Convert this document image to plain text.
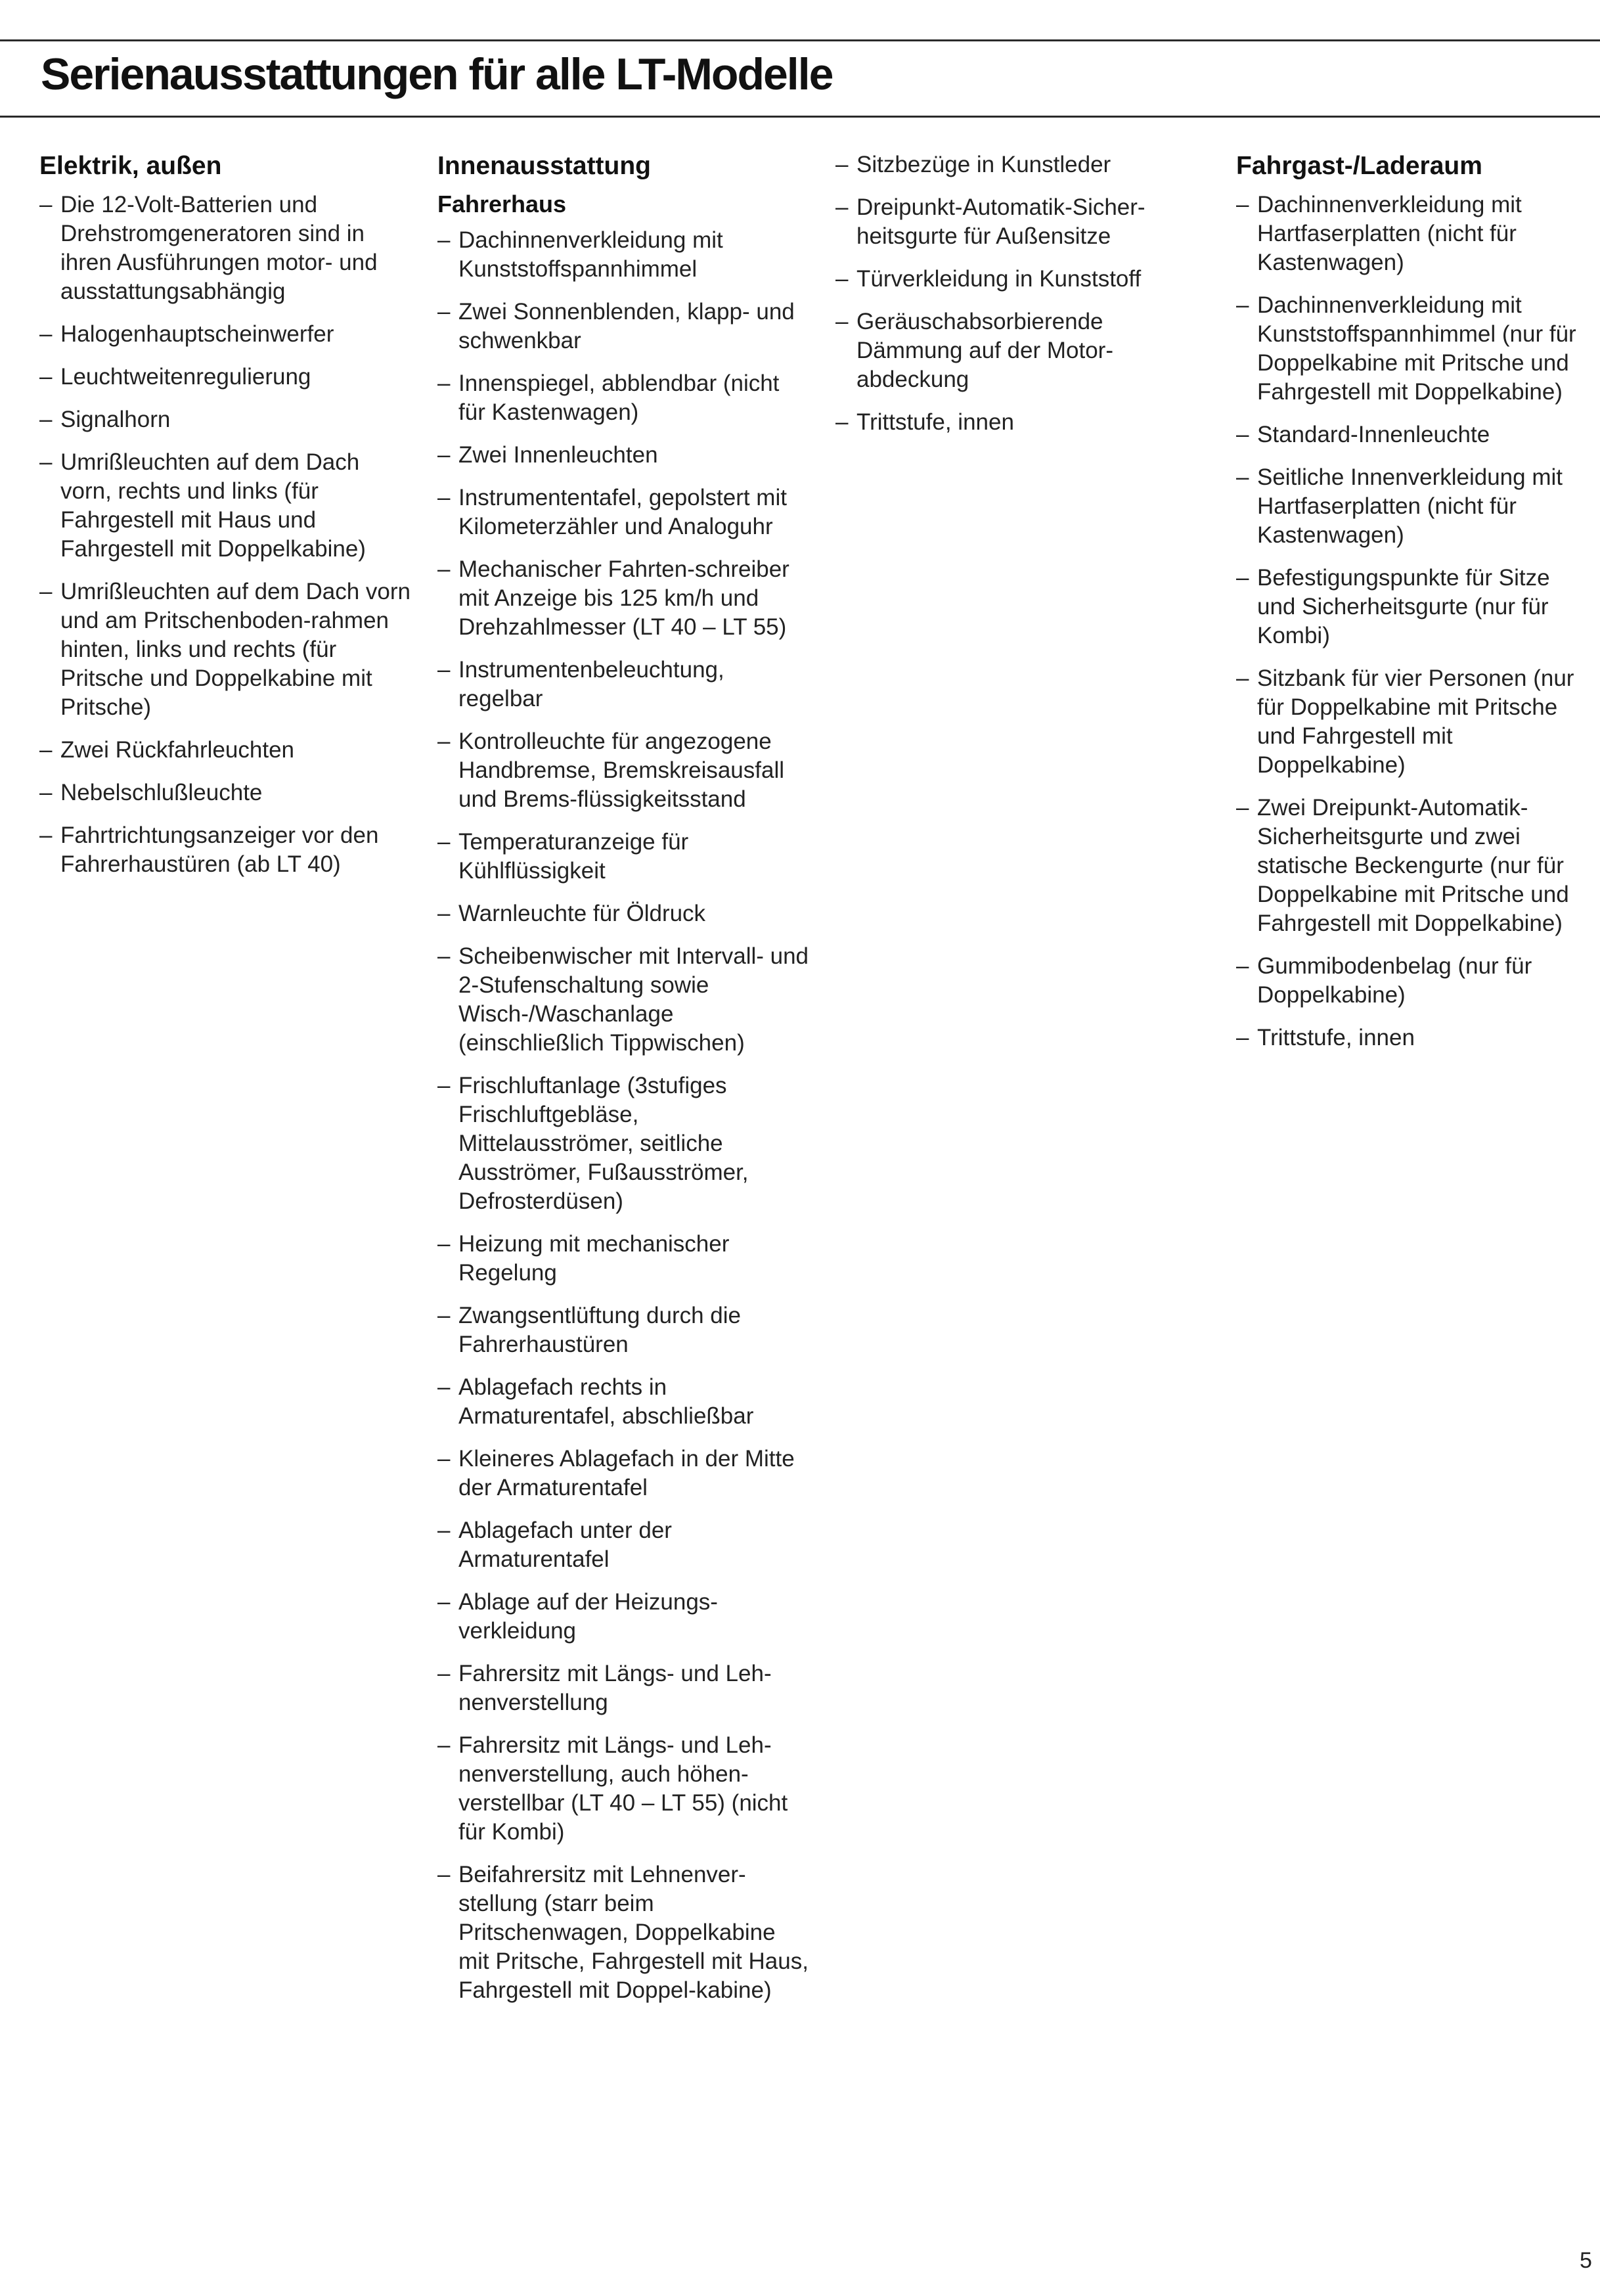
Serienausstattungen für alle LT-Modelle
Elektrik, außen
– Die 12-Volt-Batterien und Drehstromgeneratoren sind in ihren Ausführungen motor- und ausstattungsabhängig
– Halogenhauptscheinwerfer
– Leuchtweitenregulierung
– Signalhorn
– Umrißleuchten auf dem Dach vorn, rechts und links (für Fahrgestell mit Haus und Fahrgestell mit Doppelkabine)
– Umrißleuchten auf dem Dach vorn und am Pritschenboden-rahmen hinten, links und rechts (für Pritsche und Doppelkabine mit Pritsche)
– Zwei Rückfahrleuchten
– Nebelschlußleuchte
– Fahrtrichtungsanzeiger vor den Fahrerhaustüren (ab LT 40)
Innenausstattung
Fahrerhaus
– Dachinnenverkleidung mit Kunststoffspannhimmel
– Zwei Sonnenblenden, klapp- und schwenkbar
– Innenspiegel, abblendbar (nicht für Kastenwagen)
– Zwei Innenleuchten
– Instrumententafel, gepolstert mit Kilometerzähler und Analoguhr
– Mechanischer Fahrten-schreiber mit Anzeige bis 125 km/h und Drehzahlmesser (LT 40 – LT 55)
– Instrumentenbeleuchtung, regelbar
– Kontrolleuchte für angezogene Handbremse, Bremskreisausfall und Brems-flüssigkeitsstand
– Temperaturanzeige für Kühlflüssigkeit
– Warnleuchte für Öldruck
– Scheibenwischer mit Intervall- und 2-Stufenschaltung sowie Wisch-/Waschanlage (einschließlich Tippwischen)
– Frischluftanlage (3stufiges Frischluftgebläse, Mittelausströmer, seitliche Ausströmer, Fußausströmer, Defrosterdüsen)
– Heizung mit mechanischer Regelung
– Zwangsentlüftung durch die Fahrerhaustüren
– Ablagefach rechts in Armaturentafel, abschließbar
– Kleineres Ablagefach in der Mitte der Armaturentafel
– Ablagefach unter der Armaturentafel
– Ablage auf der Heizungs-verkleidung
– Fahrersitz mit Längs- und Leh-nenverstellung
– Fahrersitz mit Längs- und Leh-nenverstellung, auch höhen-verstellbar (LT 40 – LT 55) (nicht für Kombi)
– Beifahrersitz mit Lehnenver-stellung (starr beim Pritschenwagen, Doppelkabine mit Pritsche, Fahrgestell mit Haus, Fahrgestell mit Doppel-kabine)
– Sitzbezüge in Kunstleder
– Dreipunkt-Automatik-Sicher-heitsgurte für Außensitze
– Türverkleidung in Kunststoff
– Geräuschabsorbierende Dämmung auf der Motor-abdeckung
– Trittstufe, innen
Fahrgast-/Laderaum
– Dachinnenverkleidung mit Hartfaserplatten (nicht für Kastenwagen)
– Dachinnenverkleidung mit Kunststoffspannhimmel (nur für Doppelkabine mit Pritsche und Fahrgestell mit Doppelkabine)
– Standard-Innenleuchte
– Seitliche Innenverkleidung mit Hartfaserplatten (nicht für Kastenwagen)
– Befestigungspunkte für Sitze und Sicherheitsgurte (nur für Kombi)
– Sitzbank für vier Personen (nur für Doppelkabine mit Pritsche und Fahrgestell mit Doppelkabine)
– Zwei Dreipunkt-Automatik-Sicherheitsgurte und zwei statische Beckengurte (nur für Doppelkabine mit Pritsche und Fahrgestell mit Doppelkabine)
– Gummibodenbelag (nur für Doppelkabine)
– Trittstufe, innen
5
